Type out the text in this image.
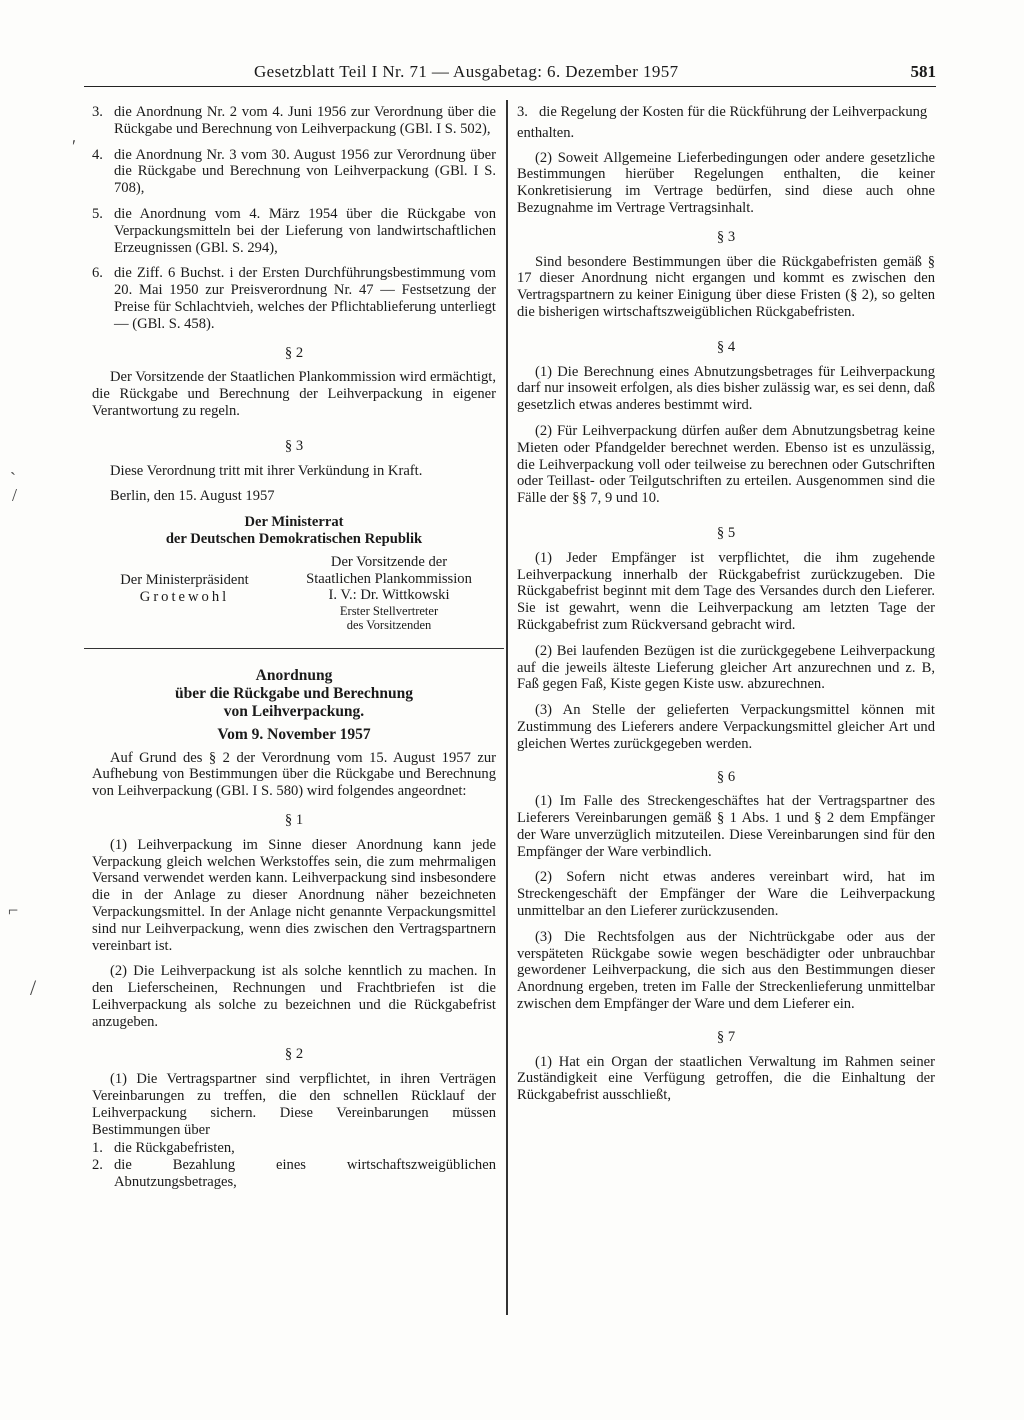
Gesetzblatt Teil I Nr. 71 — Ausgabetag: 6. Dezember 1957	581
ʹ
ˎ
/
⌐
/
3. die Anordnung Nr. 2 vom 4. Juni 1956 zur Verordnung über die Rückgabe und Berechnung von Leihverpackung (GBl. I S. 502),
4. die Anordnung Nr. 3 vom 30. August 1956 zur Verordnung über die Rückgabe und Berechnung von Leihverpackung (GBl. I S. 708),
5. die Anordnung vom 4. März 1954 über die Rückgabe von Verpackungsmitteln bei der Lieferung von landwirtschaftlichen Erzeugnissen (GBl. S. 294),
6. die Ziff. 6 Buchst. i der Ersten Durchführungsbestimmung vom 20. Mai 1950 zur Preisverordnung Nr. 47 — Festsetzung der Preise für Schlachtvieh, welches der Pflichtablieferung unterliegt — (GBl. S. 458).
§ 2

Der Vorsitzende der Staatlichen Plankommission wird ermächtigt, die Rückgabe und Berechnung der Leihverpackung in eigener Verantwortung zu regeln.

§ 3

Diese Verordnung tritt mit ihrer Verkündung in Kraft.

Berlin, den 15. August 1957

Der Ministerrat
der Deutschen Demokratischen Republik
Der Ministerpräsident
Grotewohl
Der Vorsitzende der
Staatlichen Plankommission
I. V.: Dr. Wittkowski
Erster Stellvertreter
des Vorsitzenden
Anordnung
über die Rückgabe und Berechnung
von Leihverpackung.
Vom 9. November 1957

Auf Grund des § 2 der Verordnung vom 15. August 1957 zur Aufhebung von Bestimmungen über die Rückgabe und Berechnung von Leihverpackung (GBl. I S. 580) wird folgendes angeordnet:

§ 1

(1) Leihverpackung im Sinne dieser Anordnung kann jede Verpackung gleich welchen Werkstoffes sein, die zum mehrmaligen Versand verwendet werden kann. Leihverpackung sind insbesondere die in der Anlage zu dieser Anordnung näher bezeichneten Verpackungsmittel. In der Anlage nicht genannte Verpackungsmittel sind nur Leihverpackung, wenn dies zwischen den Vertragspartnern vereinbart ist.

(2) Die Leihverpackung ist als solche kenntlich zu machen. In den Lieferscheinen, Rechnungen und Frachtbriefen ist die Leihverpackung als solche zu bezeichnen und die Rückgabefrist anzugeben.

§ 2

(1) Die Vertragspartner sind verpflichtet, in ihren Verträgen Vereinbarungen zu treffen, die den schnellen Rücklauf der Leihverpackung sichern. Diese Vereinbarungen müssen Bestimmungen über

1. die Rückgabefristen,
2. die Bezahlung eines wirtschaftszweigüblichen Abnutzungsbetrages,
3. die Regelung der Kosten für die Rückführung der Leihverpackung

enthalten.

(2) Soweit Allgemeine Lieferbedingungen oder andere gesetzliche Bestimmungen hierüber Regelungen enthalten, die keiner Konkretisierung im Vertrage bedürfen, sind diese auch ohne Bezugnahme im Vertrage Vertragsinhalt.

§ 3

Sind besondere Bestimmungen über die Rückgabefristen gemäß § 17 dieser Anordnung nicht ergangen und kommt es zwischen den Vertragspartnern zu keiner Einigung über diese Fristen (§ 2), so gelten die bisherigen wirtschaftszweigüblichen Rückgabefristen.

§ 4

(1) Die Berechnung eines Abnutzungsbetrages für Leihverpackung darf nur insoweit erfolgen, als dies bisher zulässig war, es sei denn, daß gesetzlich etwas anderes bestimmt wird.

(2) Für Leihverpackung dürfen außer dem Abnutzungsbetrag keine Mieten oder Pfandgelder berechnet werden. Ebenso ist es unzulässig, die Leihverpackung voll oder teilweise zu berechnen oder Gutschriften oder Teillast- oder Teilgutschriften zu erteilen. Ausgenommen sind die Fälle der §§ 7, 9 und 10.

§ 5

(1) Jeder Empfänger ist verpflichtet, die ihm zugehende Leihverpackung innerhalb der Rückgabefrist zurückzugeben. Die Rückgabefrist beginnt mit dem Tage des Versandes durch den Lieferer. Sie ist gewahrt, wenn die Leihverpackung am letzten Tage der Rückgabefrist zum Rückversand gebracht wird.

(2) Bei laufenden Bezügen ist die zurückgegebene Leihverpackung auf die jeweils älteste Lieferung gleicher Art anzurechnen und z. B, Faß gegen Faß, Kiste gegen Kiste usw. abzurechnen.

(3) An Stelle der gelieferten Verpackungsmittel können mit Zustimmung des Lieferers andere Verpackungsmittel gleicher Art und gleichen Wertes zurückgegeben werden.

§ 6

(1) Im Falle des Streckengeschäftes hat der Vertragspartner des Lieferers Vereinbarungen gemäß § 1 Abs. 1 und § 2 dem Empfänger der Ware unverzüglich mitzuteilen. Diese Vereinbarungen sind für den Empfänger der Ware verbindlich.

(2) Sofern nicht etwas anderes vereinbart wird, hat im Streckengeschäft der Empfänger der Ware die Leihverpackung unmittelbar an den Lieferer zurückzusenden.

(3) Die Rechtsfolgen aus der Nichtrückgabe oder aus der verspäteten Rückgabe sowie wegen beschädigter oder unbrauchbar gewordener Leihverpackung, die sich aus den Bestimmungen dieser Anordnung ergeben, treten im Falle der Streckenlieferung unmittelbar zwischen dem Empfänger der Ware und dem Lieferer ein.

§ 7

(1) Hat ein Organ der staatlichen Verwaltung im Rahmen seiner Zuständigkeit eine Verfügung getroffen, die die Einhaltung der Rückgabefrist ausschließt,
